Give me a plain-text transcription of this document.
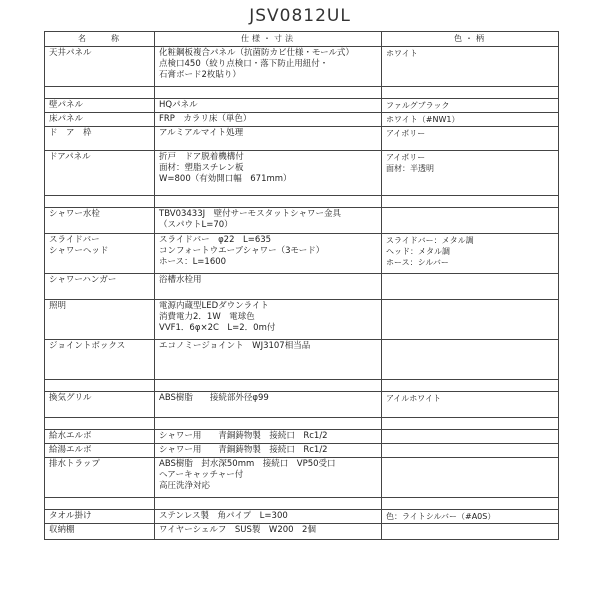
JSV0812UL
名　　称	仕様・寸法	色・柄

天井パネル	化粧鋼板複合パネル（抗菌防カビ仕様・モール式）
点検口450（絞り点検口・落下防止用紐付・
石膏ボード2枚貼り）	ホワイト

壁パネル	HQパネル	ファルグブラック

床パネル	FRP　カラリ床（単色）	ホワイト（#NW1）

ド　ア　枠	アルミアルマイト処理	アイボリー

ドアパネル	折戸　ドア脱着機構付
面材：塑脂スチレン板
W=800（有効開口幅　671mm）	アイボリー
面材：半透明

シャワー水栓	TBV03433J　壁付サーモスタットシャワー金具
（スパウトL=70）	

スライドバー
シャワーヘッド	スライドバー　φ22　L=635
コンフォートウエーブシャワー（3モード）
ホース：L=1600	スライドバー：メタル調
ヘッド：メタル調
ホース：シルバー

シャワーハンガー	浴槽水栓用	

照明	電源内蔵型LEDダウンライト
消費電力2．1W　電球色
VVF1．6φ×2C　L=2．0m付	

ジョイントボックス	エコノミージョイント　WJ3107相当品	

換気グリル	ABS樹脂　　接続部外径φ99	アイルホワイト

給水エルボ	シャワー用　　青銅鋳物製　接続口　Rc1/2	

給湯エルボ	シャワー用　　青銅鋳物製　接続口　Rc1/2	

排水トラップ	ABS樹脂　封水深50mm　接続口　VP50受口
ヘアーキャッチャー付
高圧洗浄対応	

タオル掛け	ステンレス製　角パイプ　L=300	色：ライトシルバー（#A0S）

収納棚	ワイヤーシェルフ　SUS製　W200　2個	
